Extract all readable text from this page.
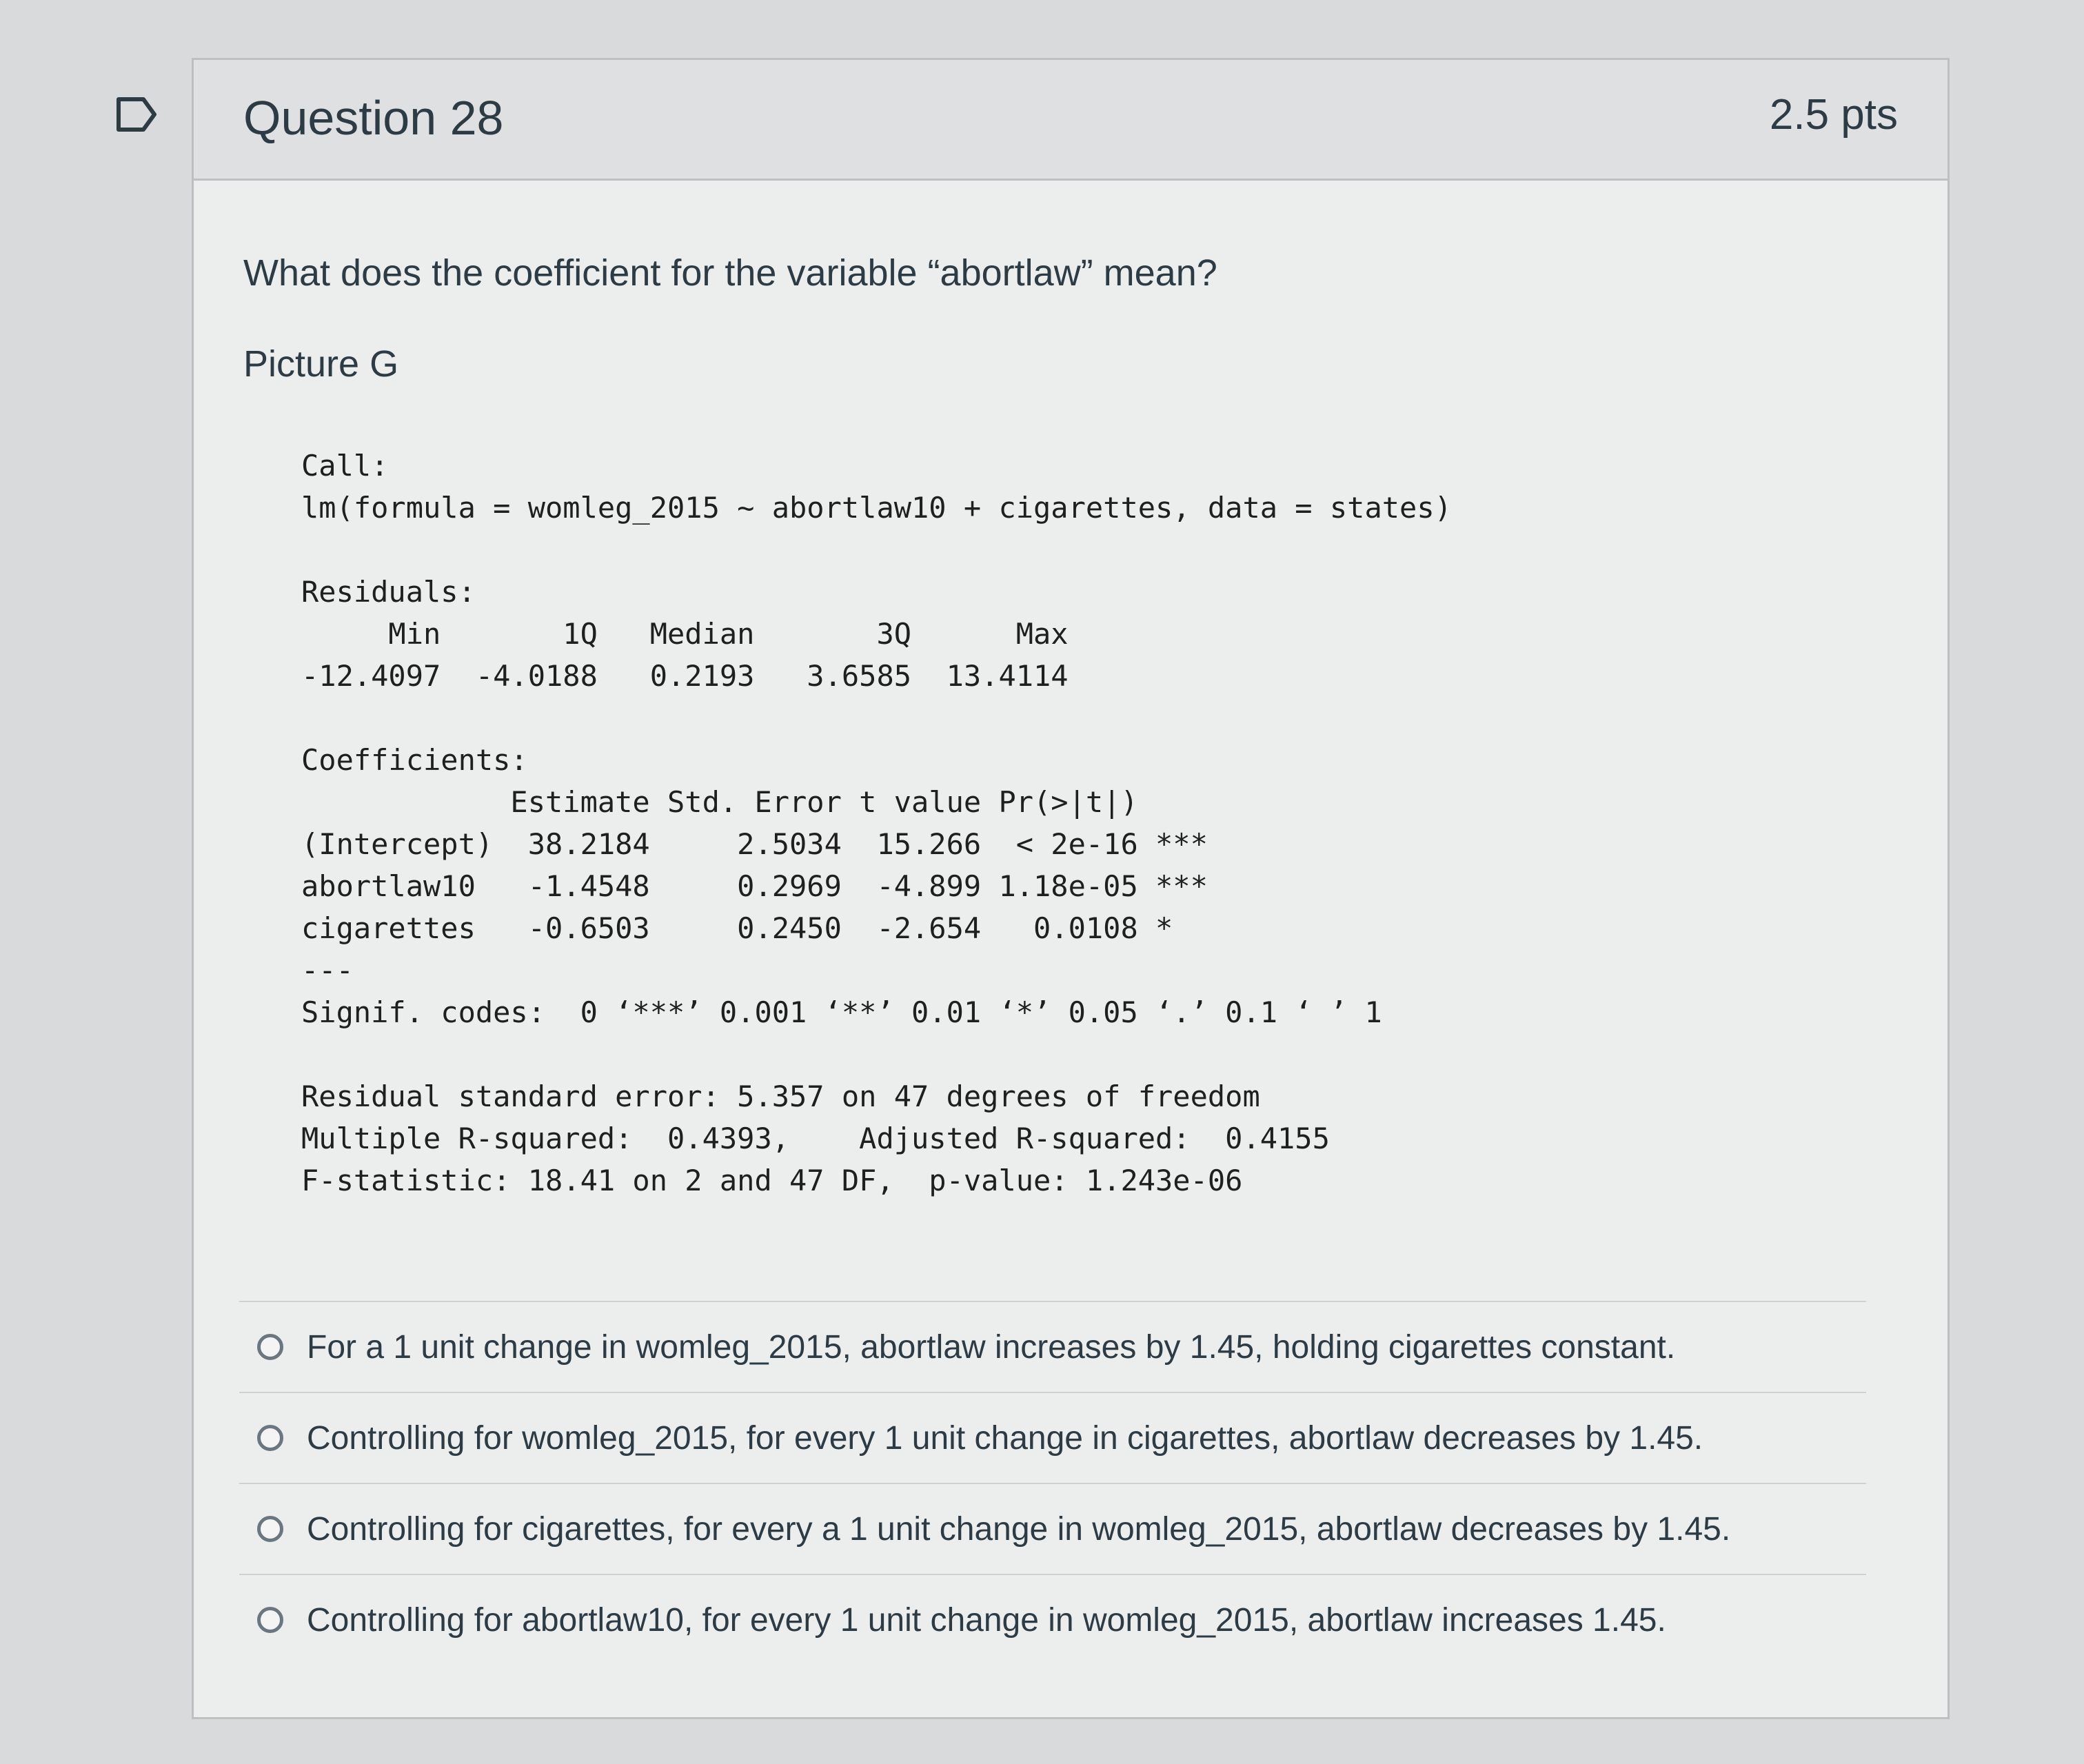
Question 28	2.5 pts
What does the coefficient for the variable “abortlaw” mean?
Picture G
Call:
lm(formula = womleg_2015 ~ abortlaw10 + cigarettes, data = states)
Residuals:
Min       1Q   Median       3Q      Max
-12.4097  -4.0188   0.2193   3.6585  13.4114
Coefficients:
Estimate Std. Error t value Pr(>|t|)
(Intercept)  38.2184     2.5034  15.266  < 2e-16 ***
abortlaw10   -1.4548     0.2969  -4.899 1.18e-05 ***
cigarettes   -0.6503     0.2450  -2.654   0.0108 *
---
Signif. codes:  0 ‘***’ 0.001 ‘**’ 0.01 ‘*’ 0.05 ‘.’ 0.1 ‘ ’ 1
Residual standard error: 5.357 on 47 degrees of freedom
Multiple R-squared:  0.4393,    Adjusted R-squared:  0.4155
F-statistic: 18.41 on 2 and 47 DF,  p-value: 1.243e-06
For a 1 unit change in womleg_2015, abortlaw increases by 1.45, holding cigarettes constant.
Controlling for womleg_2015, for every 1 unit change in cigarettes, abortlaw decreases by 1.45.
Controlling for cigarettes, for every a 1 unit change in womleg_2015, abortlaw decreases by 1.45.
Controlling for abortlaw10, for every 1 unit change in womleg_2015, abortlaw increases 1.45.
